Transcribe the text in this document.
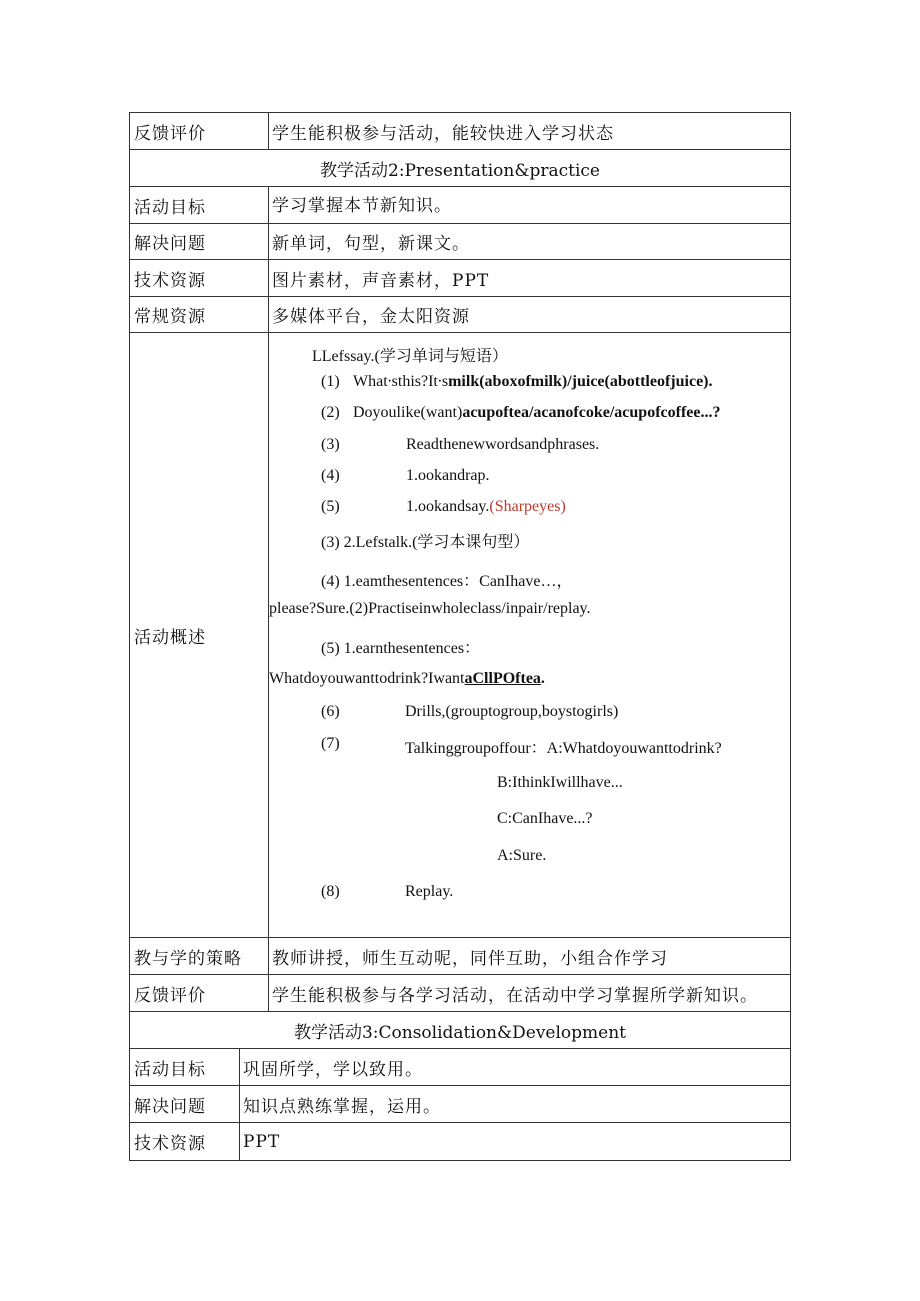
反馈评价	学生能积极参与活动，能较快进入学习状态
教学活动2:Presentation&practice
活动目标	学习掌握本节新知识。
解决问题	新单词，句型，新课文。
技术资源	图片素材，声音素材，PPT
常规资源	多媒体平台，金太阳资源
活动概述
LLefssay.(学习单词与短语）
(1) What∙sthis?It∙smilk(aboxofmilk)/juice(abottleofjuice).
(2) Doyoulike(want)acupoftea/acanofcoke/acupofcoffee...?
(3)	Readthenewwordsandphrases.
(4)	1.ookandrap.
(5)	1.ookandsay.(Sharpeyes)
(3) 2.Lefstalk.(学习本课句型）
(4) 1.eamthesentences：CanIhave…，
please?Sure.(2)Practiseinwholeclass/inpair/replay.
(5) 1.earnthesentences：
Whatdoyouwanttodrink?IwantaCllPOftea.
(6)	Drills,(grouptogroup,boystogirls)
(7)	Talkinggroupoffour：A:Whatdoyouwanttodrink?
B:IthinkIwillhave...
C:CanIhave...?
A:Sure.
(8)	Replay.
教与学的策略	教师讲授，师生互动呢，同伴互助，小组合作学习
反馈评价	学生能积极参与各学习活动，在活动中学习掌握所学新知识。
教学活动3:Consolidation&Development
活动目标	巩固所学，学以致用。
解决问题	知识点熟练掌握，运用。
技术资源	PPT
